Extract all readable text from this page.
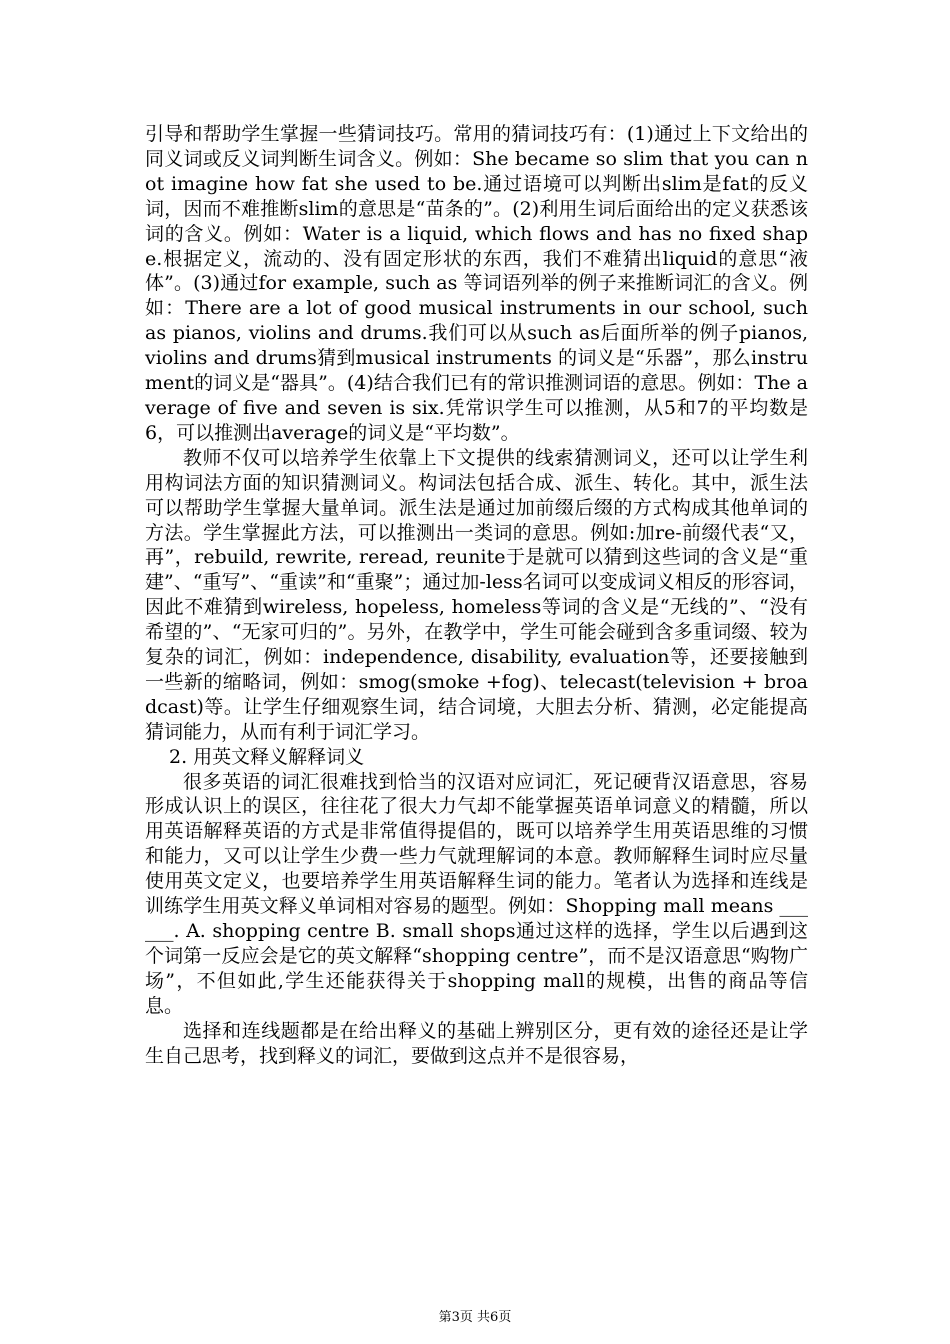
引导和帮助学生掌握一些猜词技巧。常用的猜词技巧有：(1)通过上下文给出的同义词或反义词判断生词含义。例如：She became so slim that you can not imagine how fat she used to be.通过语境可以判断出slim是fat的反义词，因而不难推断slim的意思是“苗条的”。(2)利用生词后面给出的定义获悉该词的含义。例如：Water is a liquid, which flows and has no fixed shape.根据定义，流动的、没有固定形状的东西，我们不难猜出liquid的意思“液体”。(3)通过for example, such as 等词语列举的例子来推断词汇的含义。例如：There are a lot of good musical instruments in our school, such as pianos, violins and drums.我们可以从such as后面所举的例子pianos, violins and drums猜到musical instruments 的词义是“乐器”，那么instrument的词义是“器具”。(4)结合我们已有的常识推测词语的意思。例如：The average of five and seven is six.凭常识学生可以推测，从5和7的平均数是6，可以推测出average的词义是“平均数”。

教师不仅可以培养学生依靠上下文提供的线索猜测词义，还可以让学生利用构词法方面的知识猜测词义。构词法包括合成、派生、转化。其中，派生法可以帮助学生掌握大量单词。派生法是通过加前缀后缀的方式构成其他单词的方法。学生掌握此方法，可以推测出一类词的意思。例如:加re-前缀代表“又，再”，rebuild, rewrite, reread, reunite于是就可以猜到这些词的含义是“重建”、“重写”、“重读”和“重聚”；通过加-less名词可以变成词义相反的形容词，因此不难猜到wireless, hopeless, homeless等词的含义是“无线的”、“没有希望的”、“无家可归的”。另外，在教学中，学生可能会碰到含多重词缀、较为复杂的词汇，例如：independence, disability, evaluation等，还要接触到一些新的缩略词，例如：smog(smoke +fog)、telecast(television + broadcast)等。让学生仔细观察生词，结合词境，大胆去分析、猜测，必定能提高猜词能力，从而有利于词汇学习。

2. 用英文释义解释词义

很多英语的词汇很难找到恰当的汉语对应词汇，死记硬背汉语意思，容易形成认识上的误区，往往花了很大力气却不能掌握英语单词意义的精髓，所以用英语解释英语的方式是非常值得提倡的，既可以培养学生用英语思维的习惯和能力，又可以让学生少费一些力气就理解词的本意。教师解释生词时应尽量使用英文定义，也要培养学生用英语解释生词的能力。笔者认为选择和连线是训练学生用英文释义单词相对容易的题型。例如：Shopping mall means ______. A. shopping centre B. small shops通过这样的选择，学生以后遇到这个词第一反应会是它的英文解释“shopping centre”，而不是汉语意思“购物广场”，不但如此,学生还能获得关于shopping mall的规模，出售的商品等信息。

选择和连线题都是在给出释义的基础上辨别区分，更有效的途径还是让学生自己思考，找到释义的词汇，要做到这点并不是很容易，

第3页 共6页
